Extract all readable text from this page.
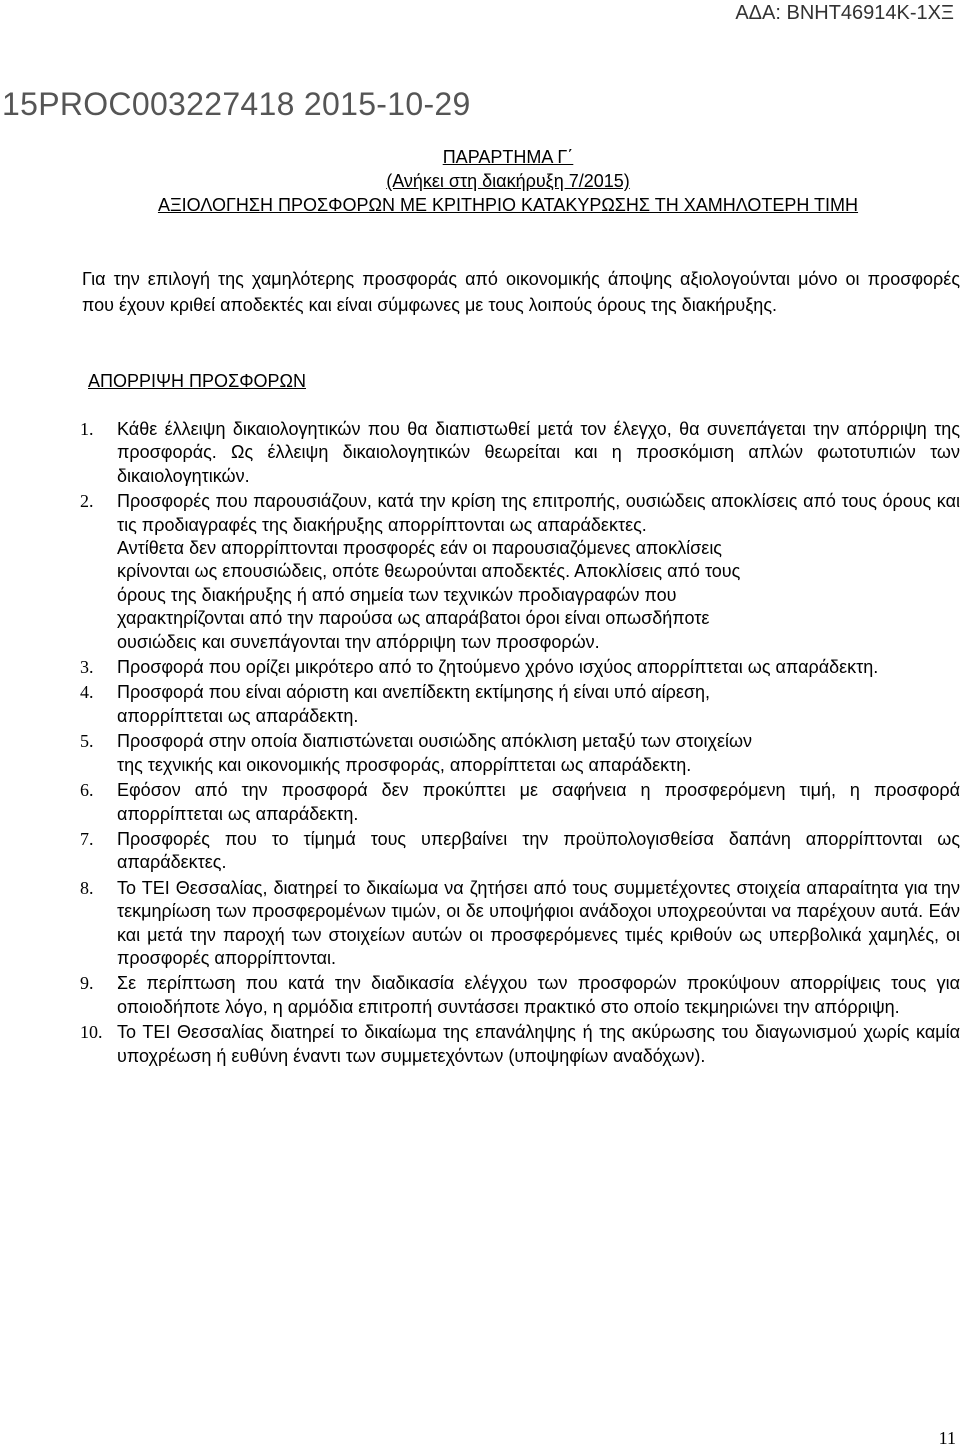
ΑΔΑ: ΒΝΗΤ46914Κ-1ΧΞ
15PROC003227418 2015-10-29
ΠΑΡΑΡΤΗΜΑ Γ΄
(Ανήκει στη διακήρυξη 7/2015)
ΑΞΙΟΛΟΓΗΣΗ ΠΡΟΣΦΟΡΩΝ ΜΕ ΚΡΙΤΗΡΙΟ ΚΑΤΑΚΥΡΩΣΗΣ ΤΗ ΧΑΜΗΛΟΤΕΡΗ ΤΙΜΗ

Για την επιλογή της χαμηλότερης προσφοράς από οικονομικής άποψης αξιολογούνται μόνο οι προσφορές που έχουν κριθεί αποδεκτές και είναι σύμφωνες με τους λοιπούς όρους της διακήρυξης.

ΑΠΟΡΡΙΨΗ ΠΡΟΣΦΟΡΩΝ
1. Κάθε έλλειψη δικαιολογητικών που θα διαπιστωθεί μετά τον έλεγχο, θα συνεπάγεται την απόρριψη της προσφοράς. Ως έλλειψη δικαιολογητικών θεωρείται και η προσκόμιση απλών φωτοτυπιών των δικαιολογητικών.
2. Προσφορές που παρουσιάζουν, κατά την κρίση της επιτροπής, ουσιώδεις αποκλίσεις από τους όρους και τις προδιαγραφές της διακήρυξης απορρίπτονται ως απαράδεκτες.
Αντίθετα δεν απορρίπτονται προσφορές εάν οι παρουσιαζόμενες αποκλίσεις
κρίνονται ως επουσιώδεις, οπότε θεωρούνται αποδεκτές. Αποκλίσεις από τους
όρους της διακήρυξης ή από σημεία των τεχνικών προδιαγραφών που
χαρακτηρίζονται από την παρούσα ως απαράβατοι όροι είναι οπωσδήποτε
ουσιώδεις και συνεπάγονται την απόρριψη των προσφορών.
3. Προσφορά που ορίζει μικρότερο από το ζητούμενο χρόνο ισχύος απορρίπτεται ως απαράδεκτη.
4. Προσφορά που είναι αόριστη και ανεπίδεκτη εκτίμησης ή είναι υπό αίρεση,
απορρίπτεται ως απαράδεκτη.
5. Προσφορά στην οποία διαπιστώνεται ουσιώδης απόκλιση μεταξύ των στοιχείων
της τεχνικής και οικονομικής προσφοράς, απορρίπτεται ως απαράδεκτη.
6. Εφόσον από την προσφορά δεν προκύπτει με σαφήνεια η προσφερόμενη τιμή, η προσφορά απορρίπτεται ως απαράδεκτη.
7. Προσφορές που το τίμημά τους υπερβαίνει την προϋπολογισθείσα δαπάνη απορρίπτονται ως απαράδεκτες.
8. Το ΤΕΙ Θεσσαλίας, διατηρεί το δικαίωμα να ζητήσει από τους συμμετέχοντες στοιχεία απαραίτητα για την τεκμηρίωση των προσφερομένων τιμών, οι δε υποψήφιοι ανάδοχοι υποχρεούνται να παρέχουν αυτά. Εάν και μετά την παροχή των στοιχείων αυτών οι προσφερόμενες τιμές κριθούν ως υπερβολικά χαμηλές, οι προσφορές απορρίπτονται.
9. Σε περίπτωση που κατά την διαδικασία ελέγχου των προσφορών προκύψουν απορρίψεις τους για οποιοδήποτε λόγο, η αρμόδια επιτροπή συντάσσει πρακτικό στο οποίο τεκμηριώνει την απόρριψη.
10. Το ΤΕΙ Θεσσαλίας διατηρεί το δικαίωμα της επανάληψης ή της ακύρωσης του διαγωνισμού χωρίς καμία υποχρέωση ή ευθύνη έναντι των συμμετεχόντων (υποψηφίων αναδόχων).
11
